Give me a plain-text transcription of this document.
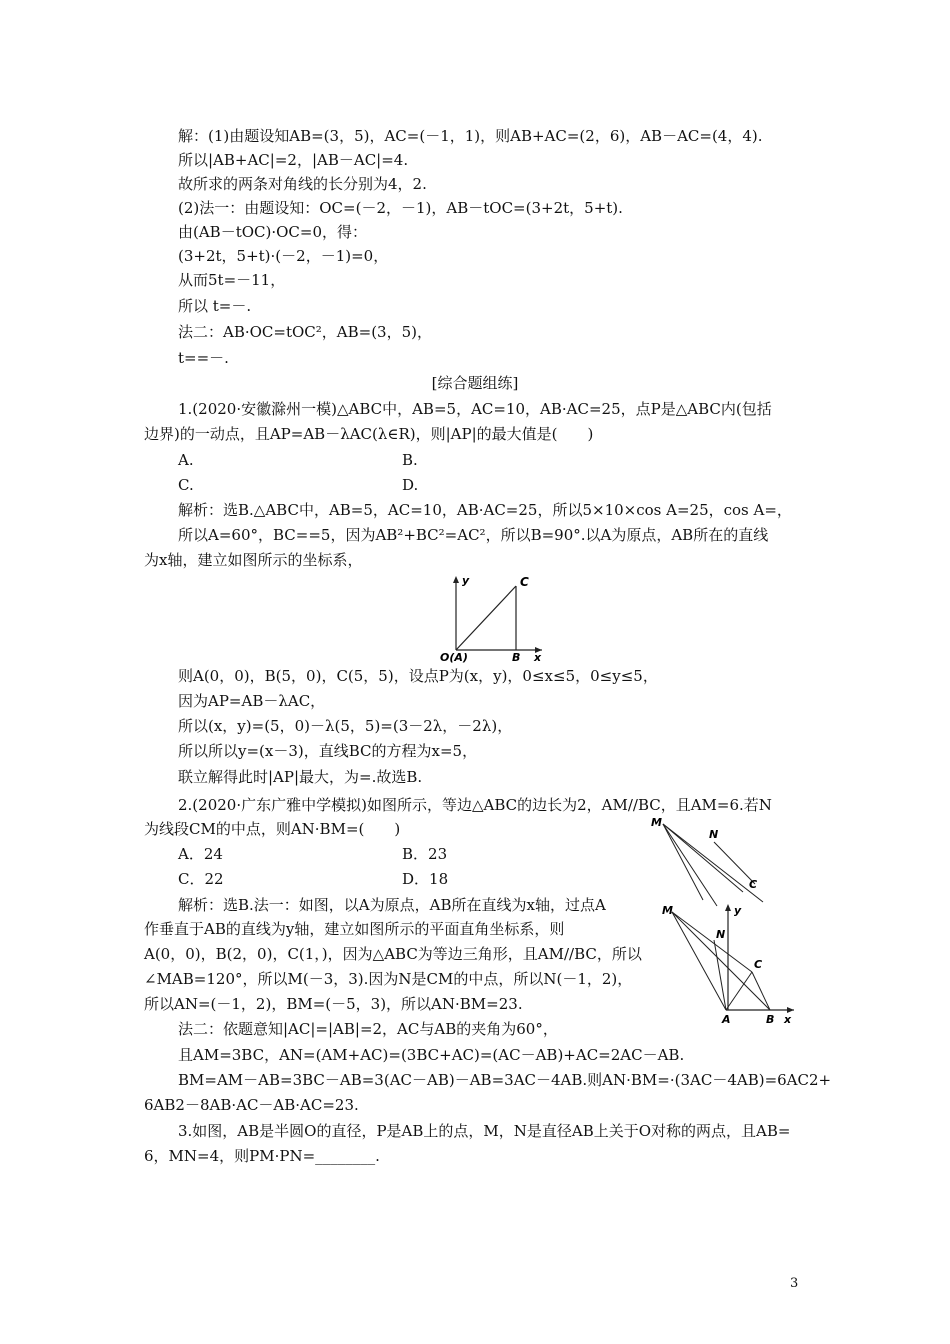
解：(1)由题设知AB=(3，5)，AC=(－1，1)，则AB+AC=(2，6)，AB－AC=(4，4).
所以|AB+AC|=2，|AB－AC|=4.
故所求的两条对角线的长分别为4，2.
(2)法一：由题设知：OC=(－2，－1)，AB－tOC=(3+2t，5+t).
由(AB－tOC)·OC=0，得：
(3+2t，5+t)·(－2，－1)=0，
从而5t=－11，
所以 t=－.
法二：AB·OC=tOC²，AB=(3，5)，
t==－.
[综合题组练]
1.(2020·安徽滁州一模)△ABC中，AB=5，AC=10，AB·AC=25，点P是△ABC内(包括
边界)的一动点，且AP=AB－λAC(λ∈R)，则|AP|的最大值是(　　)
A.	B.
C.	D.
解析：选B.△ABC中，AB=5，AC=10，AB·AC=25，所以5×10×cos A=25，cos A=，
所以A=60°，BC==5，因为AB²+BC²=AC²，所以B=90°.以A为原点，AB所在的直线
为x轴，建立如图所示的坐标系，
则A(0，0)，B(5，0)，C(5，5)，设点P为(x，y)，0≤x≤5，0≤y≤5，
因为AP=AB－λAC，
所以(x，y)=(5，0)－λ(5，5)=(3－2λ，－2λ)，
所以所以y=(x－3)，直线BC的方程为x=5，
联立解得此时|AP|最大，为=.故选B.
2.(2020·广东广雅中学模拟)如图所示，等边△ABC的边长为2，AM//BC，且AM=6.若N
为线段CM的中点，则AN·BM=(　　)
A．24	B．23
C．22	D．18
解析：选B.法一：如图，以A为原点，AB所在直线为x轴，过点A
作垂直于AB的直线为y轴，建立如图所示的平面直角坐标系，则
A(0，0)，B(2，0)，C(1，)，因为△ABC为等边三角形，且AM//BC，所以
∠MAB=120°，所以M(－3，3).因为N是CM的中点，所以N(－1，2)，
所以AN=(－1，2)，BM=(－5，3)，所以AN·BM=23.
法二：依题意知|AC|=|AB|=2，AC与AB的夹角为60°，
且AM=3BC，AN=(AM+AC)=(3BC+AC)=(AC－AB)+AC=2AC－AB.
BM=AM－AB=3BC－AB=3(AC－AB)－AB=3AC－4AB.则AN·BM=·(3AC－4AB)=6AC2+
6AB2－8AB·AC－AB·AC=23.
3.如图，AB是半圆O的直径，P是AB上的点，M，N是直径AB上关于O对称的两点，且AB=
6，MN=4，则PM·PN=________.
y	C
O(A)	B x
M
N
C
M
N
C
y
A	B x
3
